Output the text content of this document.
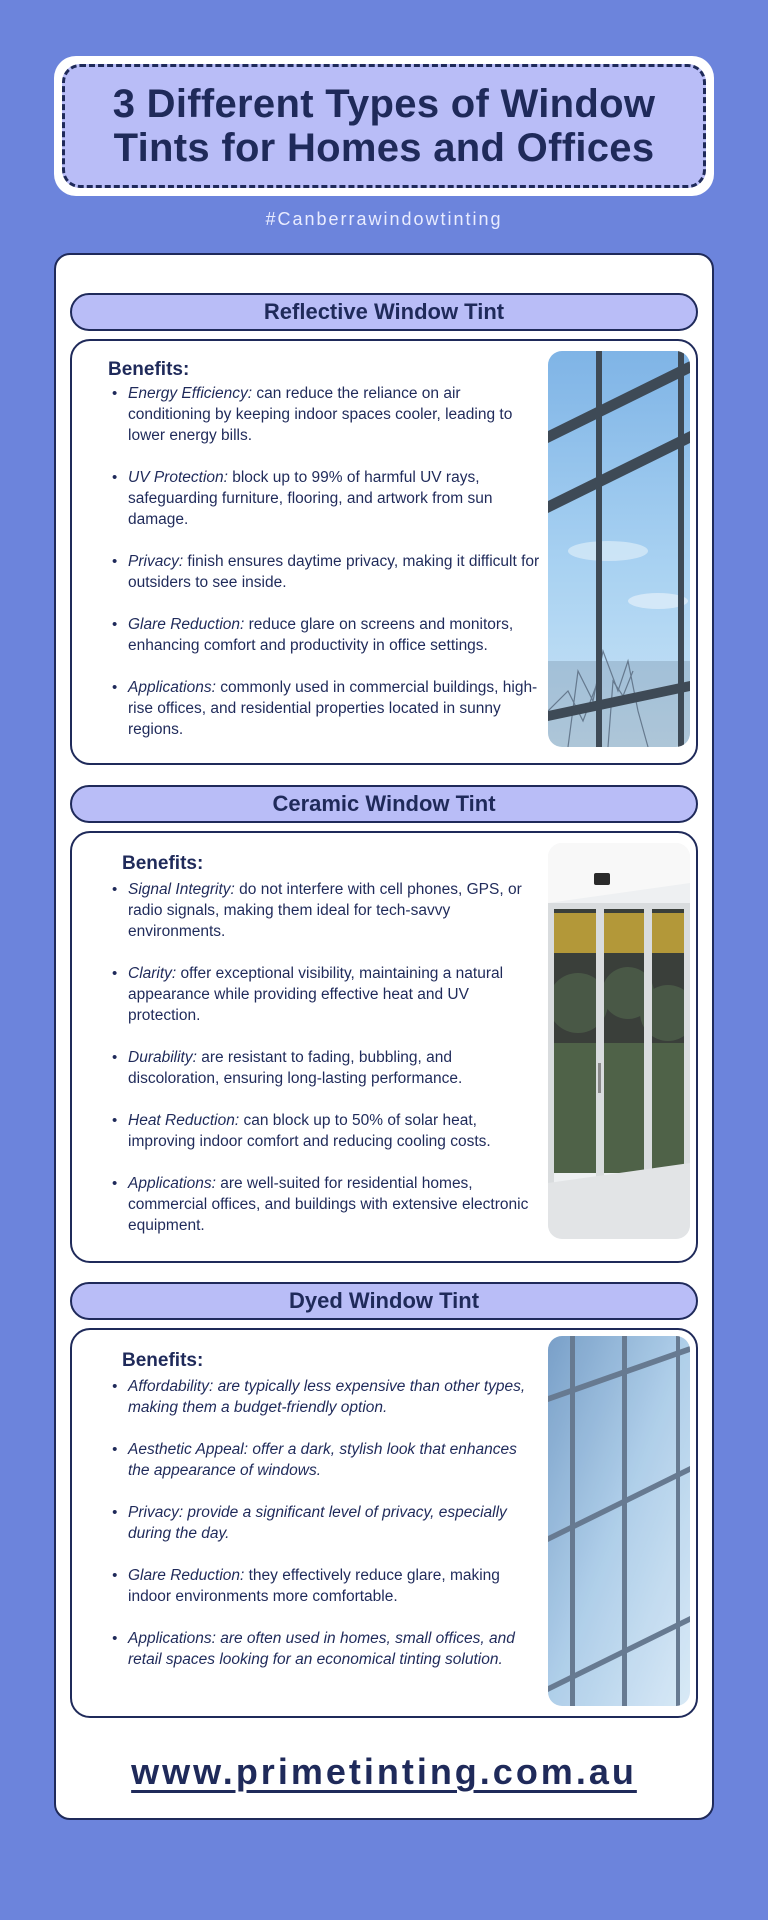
3 Different Types of Window
Tints for Homes and Offices
#Canberrawindowtinting
Reflective Window Tint
Benefits:
• Energy Efficiency: can reduce the reliance on air conditioning by keeping indoor spaces cooler, leading to lower energy bills.
• UV Protection: block up to 99% of harmful UV rays, safeguarding furniture, flooring, and artwork from sun damage.
• Privacy: finish ensures daytime privacy, making it difficult for outsiders to see inside.
• Glare Reduction: reduce glare on screens and monitors, enhancing comfort and productivity in office settings.
• Applications: commonly used in commercial buildings, high-rise offices, and residential properties located in sunny regions.
Ceramic Window Tint
Benefits:
• Signal Integrity: do not interfere with cell phones, GPS, or radio signals, making them ideal for tech-savvy environments.
• Clarity: offer exceptional visibility, maintaining a natural appearance while providing effective heat and UV protection.
• Durability: are resistant to fading, bubbling, and discoloration, ensuring long-lasting performance.
• Heat Reduction: can block up to 50% of solar heat, improving indoor comfort and reducing cooling costs.
• Applications: are well-suited for residential homes, commercial offices, and buildings with extensive electronic equipment.
Dyed Window Tint
Benefits:
• Affordability: are typically less expensive than other types, making them a budget-friendly option.
• Aesthetic Appeal: offer a dark, stylish look that enhances the appearance of windows.
• Privacy: provide a significant level of privacy, especially during the day.
• Glare Reduction: they effectively reduce glare, making indoor environments more comfortable.
• Applications: are often used in homes, small offices, and retail spaces looking for an economical tinting solution.
www.primetinting.com.au
